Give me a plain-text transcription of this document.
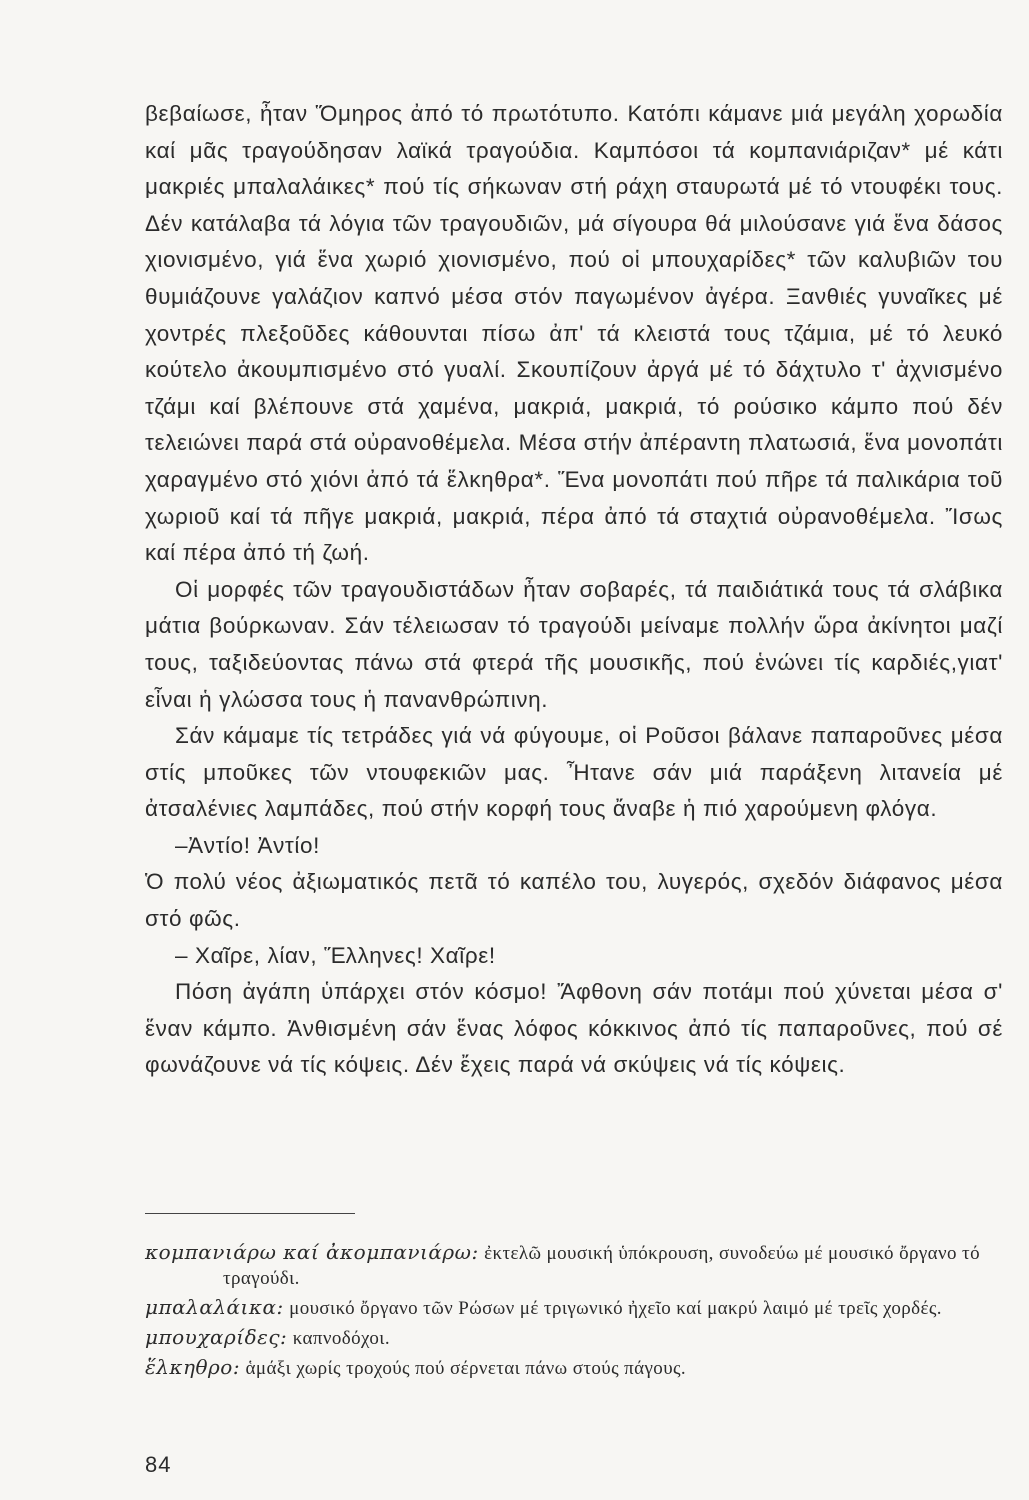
βεβαίωσε, ἦταν Ὅμηρος ἀπό τό πρωτότυπο. Κατόπι κάμανε μιά μεγάλη χορωδία καί μᾶς τραγούδησαν λαϊκά τραγούδια. Καμπόσοι τά κομπανιάριζαν* μέ κάτι μακριές μπαλαλάικες* πού τίς σήκωναν στή ράχη σταυρωτά μέ τό ντουφέκι τους. Δέν κατάλαβα τά λόγια τῶν τραγουδιῶν, μά σίγουρα θά μιλούσανε γιά ἕνα δάσος χιονισμένο, γιά ἕνα χωριό χιονισμένο, πού οἱ μπουχαρίδες* τῶν καλυβιῶν του θυμιάζουνε γαλάζιον καπνό μέσα στόν παγωμένον ἀγέρα. Ξανθιές γυναῖκες μέ χοντρές πλεξοῦδες κάθουνται πίσω ἀπ' τά κλειστά τους τζάμια, μέ τό λευκό κούτελο ἀκουμπισμένο στό γυαλί. Σκουπίζουν ἀργά μέ τό δάχτυλο τ' ἀχνισμένο τζάμι καί βλέπουνε στά χαμένα, μακριά, μακριά, τό ρούσικο κάμπο πού δέν τελειώνει παρά στά οὐρανοθέμελα. Μέσα στήν ἀπέραντη πλατωσιά, ἕνα μονοπάτι χαραγμένο στό χιόνι ἀπό τά ἕλκηθρα*. Ἕνα μονοπάτι πού πῆρε τά παλικάρια τοῦ χωριοῦ καί τά πῆγε μακριά, μακριά, πέρα ἀπό τά σταχτιά οὐρανοθέμελα. Ἴσως καί πέρα ἀπό τή ζωή.

Οἱ μορφές τῶν τραγουδιστάδων ἦταν σοβαρές, τά παιδιάτικά τους τά σλάβικα μάτια βούρκωναν. Σάν τέλειωσαν τό τραγούδι μείναμε πολλήν ὥρα ἀκίνητοι μαζί τους, ταξιδεύοντας πάνω στά φτερά τῆς μουσικῆς, πού ἑνώνει τίς καρδιές,γιατ' εἶναι ἡ γλώσσα τους ἡ πανανθρώπινη.

Σάν κάμαμε τίς τετράδες γιά νά φύγουμε, οἱ Ροῦσοι βάλανε παπαροῦνες μέσα στίς μποῦκες τῶν ντουφεκιῶν μας. Ἦτανε σάν μιά παράξενη λιτανεία μέ ἀτσαλένιες λαμπάδες, πού στήν κορφή τους ἄναβε ἡ πιό χαρούμενη φλόγα.

–Ἀντίο! Ἀντίο!

Ὁ πολύ νέος ἀξιωματικός πετᾶ τό καπέλο του, λυγερός, σχεδόν διάφανος μέσα στό φῶς.

– Χαῖρε, λίαν, Ἕλληνες! Χαῖρε!

Πόση ἀγάπη ὑπάρχει στόν κόσμο! Ἄφθονη σάν ποτάμι πού χύνεται μέσα σ' ἕναν κάμπο. Ἀνθισμένη σάν ἕνας λόφος κόκκινος ἀπό τίς παπαροῦνες, πού σέ φωνάζουνε νά τίς κόψεις. Δέν ἔχεις παρά νά σκύψεις νά τίς κόψεις.

κομπανιάρω καί ἀκομπανιάρω: ἐκτελῶ μουσική ὑπόκρουση, συνοδεύω μέ μουσικό ὄργανο τό τραγούδι.

μπαλαλάικα: μουσικό ὄργανο τῶν Ρώσων μέ τριγωνικό ἠχεῖο καί μακρύ λαιμό μέ τρεῖς χορδές.

μπουχαρίδες: καπνοδόχοι.

ἕλκηθρο: ἁμάξι χωρίς τροχούς πού σέρνεται πάνω στούς πάγους.

84
